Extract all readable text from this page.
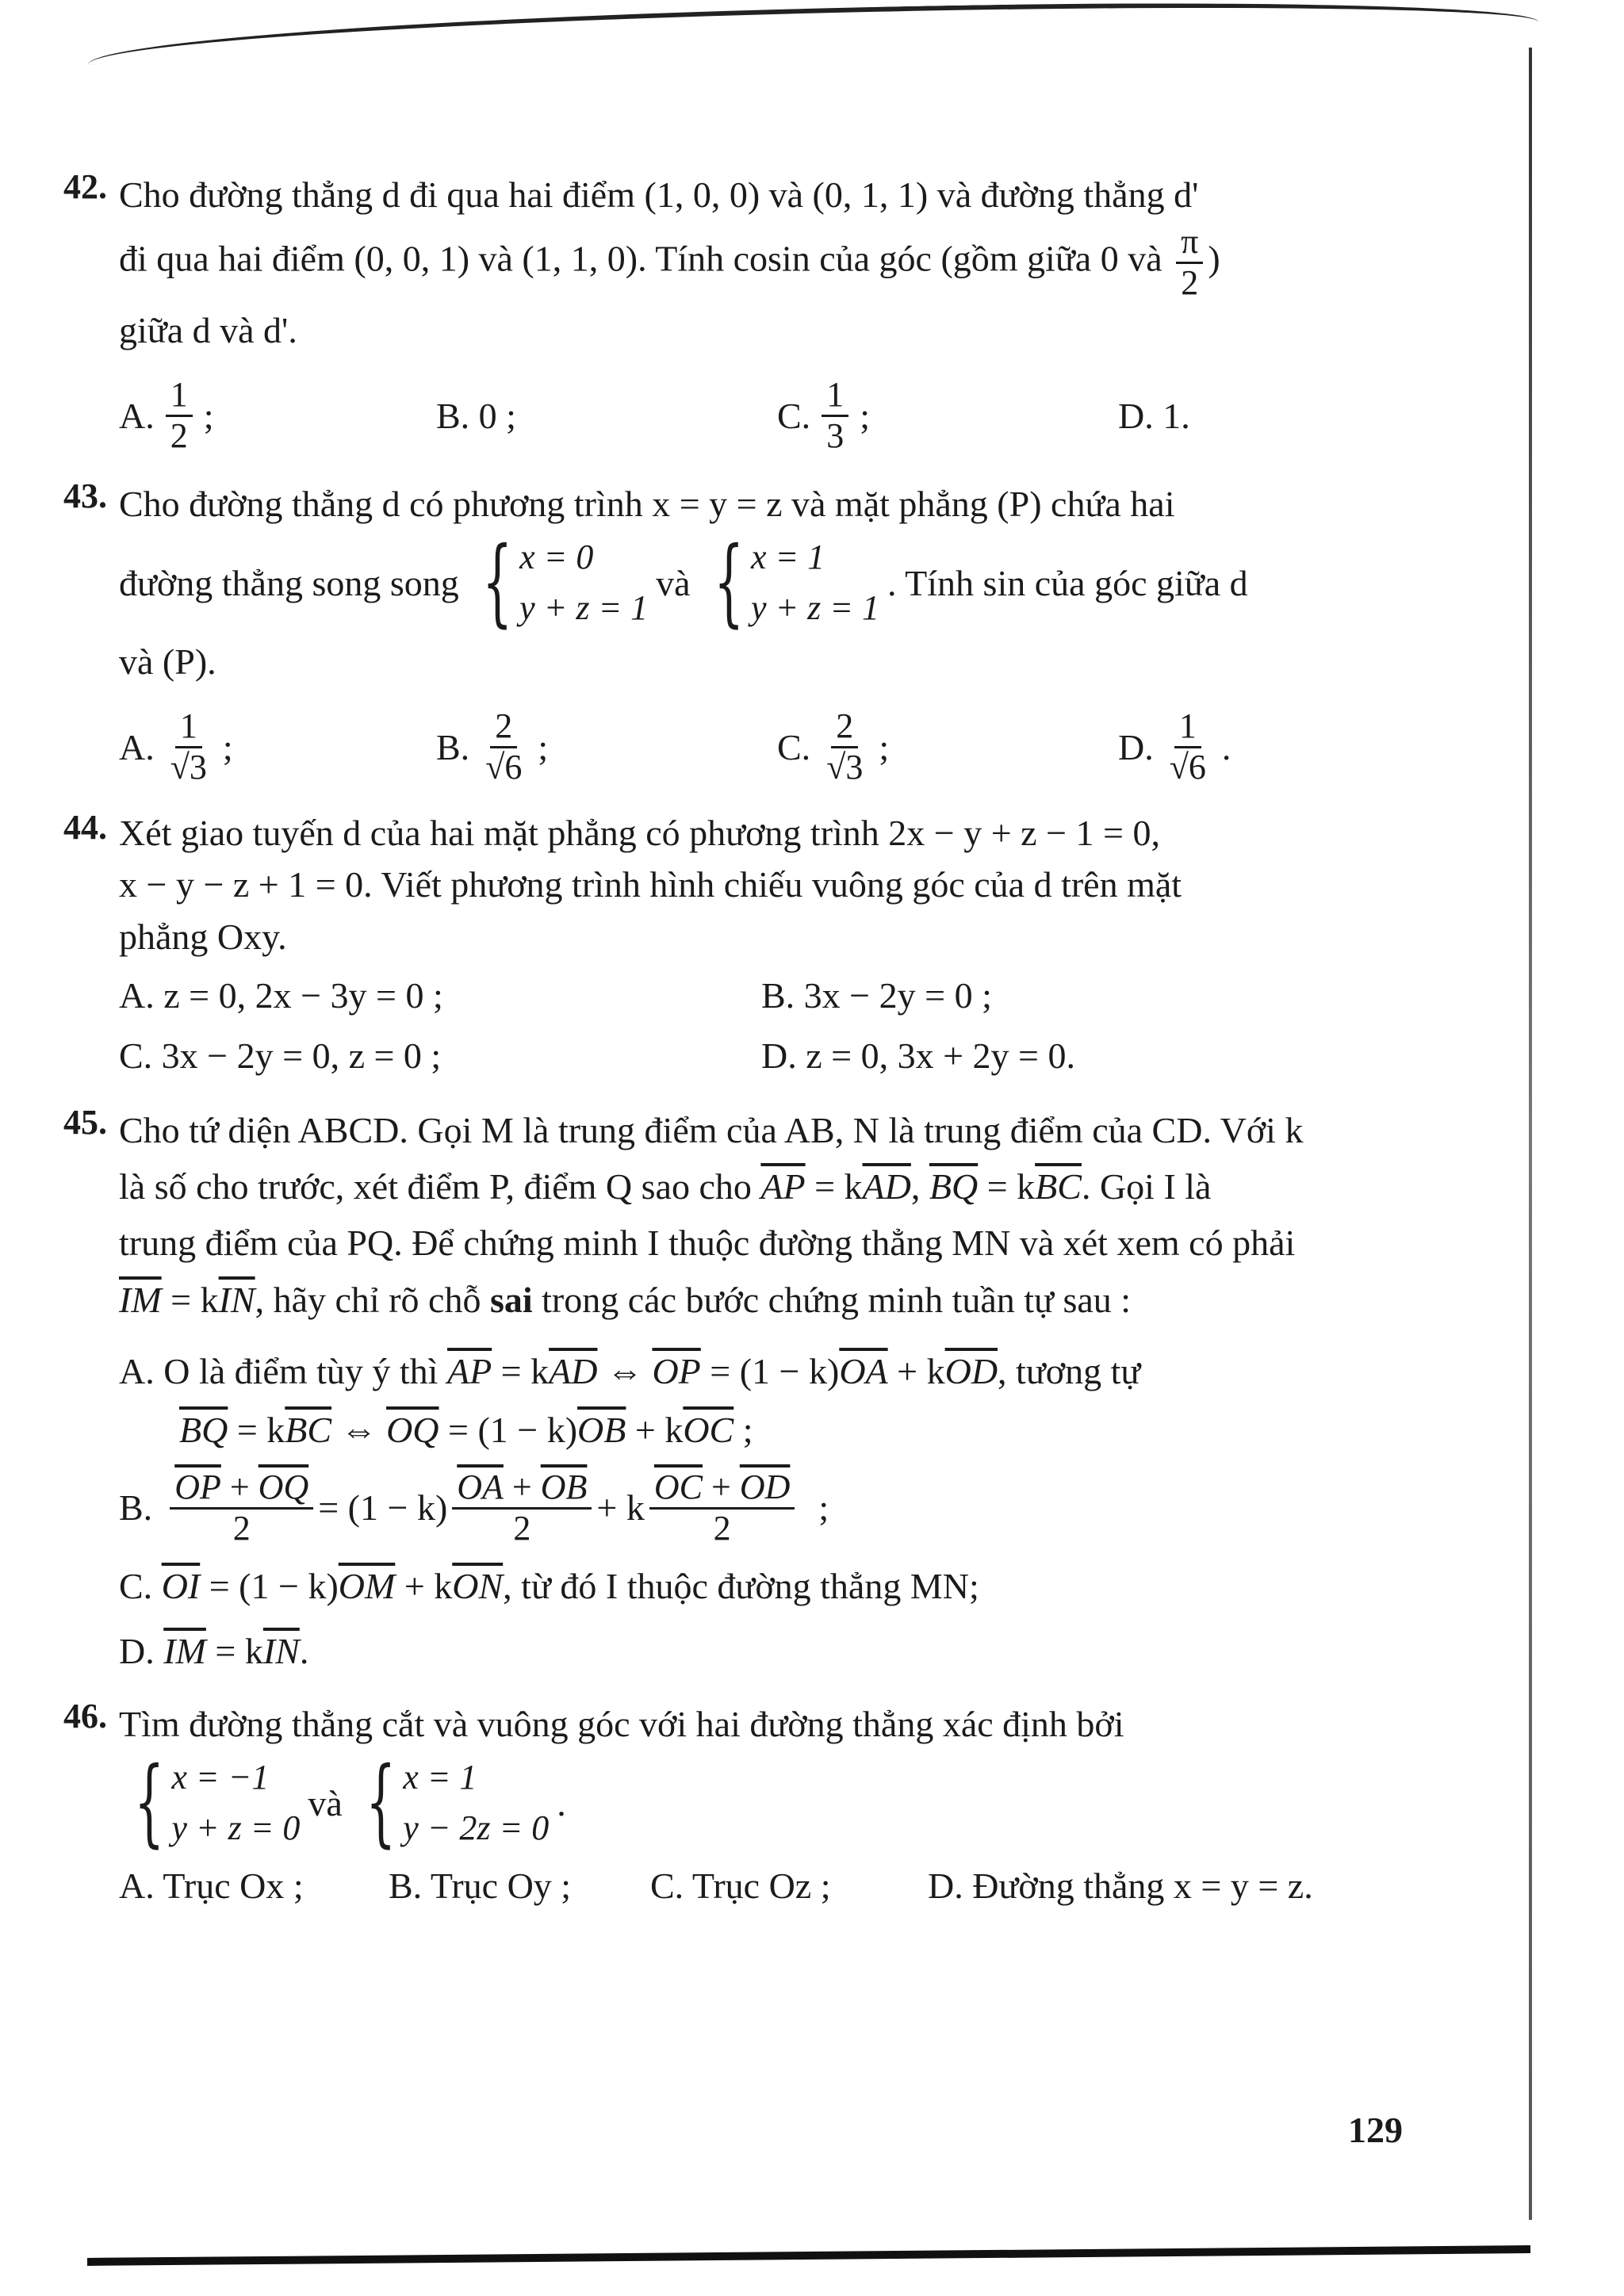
42. Cho đường thẳng d đi qua hai điểm (1, 0, 0) và (0, 1, 1) và đường thẳng d'
đi qua hai điểm (0, 0, 1) và (1, 1, 0). Tính cosin của góc (gồm giữa 0 và $\frac{\pi}{2}$ )
giữa d và d'.
A. $\frac{1}{2}$ ;	B. 0 ;	C. $\frac{1}{3}$ ;	D. 1.
43. Cho đường thẳng d có phương trình x = y = z và mặt phẳng (P) chứa hai
đường thẳng song song { x = 0
y + z = 1
và { x = 1
y + z = 1
. Tính sin của góc giữa d
và (P).
A. $\frac{1}{√3}$ ;	B. $\frac{2}{√6}$ ;	C. $\frac{2}{√3}$ ;	D. $\frac{1}{√6}$ .
44. Xét giao tuyến d của hai mặt phẳng có phương trình 2x − y + z − 1 = 0,
x − y − z + 1 = 0. Viết phương trình hình chiếu vuông góc của d trên mặt
phẳng Oxy.
A. z = 0, 2x − 3y = 0 ;	B. 3x − 2y = 0 ;
C. 3x − 2y = 0, z = 0 ;	D. z = 0, 3x + 2y = 0.
45. Cho tứ diện ABCD. Gọi M là trung điểm của AB, N là trung điểm của CD. Với k
là số cho trước, xét điểm P, điểm Q sao cho $\overline{AP} = k\overline{AD}$, $\overline{BQ} = k\overline{BC}$. Gọi I là
trung điểm của PQ. Để chứng minh I thuộc đường thẳng MN và xét xem có phải
$\overline{IM} = k\overline{IN}$, hãy chỉ rõ chỗ sai trong các bước chứng minh tuần tự sau :
A. O là điểm tùy ý thì $\overline{AP} = k\overline{AD}$ ⇔ $\overline{OP} = (1 - k)\overline{OA} + k\overline{OD}$, tương tự
$\overline{BQ} = k\overline{BC}$ ⇔ $\overline{OQ} = (1 - k)\overline{OB} + k\overline{OC}$ ;
B. $\frac{\overline{OP} + \overline{OQ}}{2} = (1 - k) \frac{\overline{OA} + \overline{OB}}{2} + k \frac{\overline{OC} + \overline{OD}}{2}$ ;
C. $\overline{OI} = (1 - k)\overline{OM} + k\overline{ON}$, từ đó I thuộc đường thẳng MN;
D. $\overline{IM} = k\overline{IN}$.
46. Tìm đường thẳng cắt và vuông góc với hai đường thẳng xác định bởi
{ x = −1
y + z = 0
và { x = 1
y − 2z = 0
.
A. Trục Ox ;	B. Trục Oy ;	C. Trục Oz ;	D. Đường thẳng x = y = z.
129
